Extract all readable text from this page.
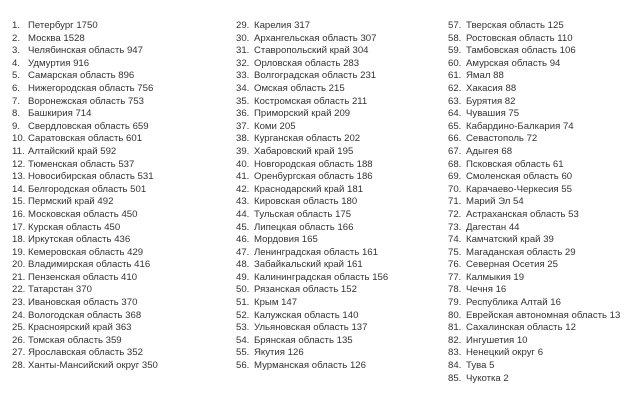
1. Петербург 1750
2. Москва 1528
3. Челябинская область 947
4. Удмуртия 916
5. Самарская область 896
6. Нижегородская область 756
7. Воронежская область 753
8. Башкирия 714
9. Свердловская область 659
10. Саратовская область 601
11. Алтайский край 592
12. Тюменская область 537
13. Новосибирская область 531
14. Белгородская область 501
15. Пермский край 492
16. Московская область 450
17. Курская область 450
18. Иркутская область 436
19. Кемеровская область 429
20. Владимирская область 416
21. Пензенская область 410
22. Татарстан 370
23. Ивановская область 370
24. Вологодская область 368
25. Красноярский край 363
26. Томская область 359
27. Ярославская область 352
28. Ханты-Мансийский округ 350
29. Карелия 317
30. Архангельская область 307
31. Ставропольский край 304
32. Орловская область 283
33. Волгоградская область 231
34. Омская область 215
35. Костромская область 211
36. Приморский край 209
37. Коми 205
38. Курганская область 202
39. Хабаровский край 195
40. Новгородская область 188
41. Оренбургская область 186
42. Краснодарский край 181
43. Кировская область 180
44. Тульская область 175
45. Липецкая область 166
46. Мордовия 165
47. Ленинградская область 161
48. Забайкальский край 161
49. Калининградская область 156
50. Рязанская область 152
51. Крым 147
52. Калужская область 140
53. Ульяновская область 137
54. Брянская область 135
55. Якутия 126
56. Мурманская область 126
57. Тверская область 125
58. Ростовская область 110
59. Тамбовская область 106
60. Амурская область 94
61. Ямал 88
62. Хакасия 88
63. Бурятия 82
64. Чувашия 75
65. Кабардино-Балкария 74
66. Севастополь 72
67. Адыгея 68
68. Псковская область 61
69. Смоленская область 60
70. Карачаево-Черкесия 55
71. Марий Эл 54
72. Астраханская область 53
73. Дагестан 44
74. Камчатский край 39
75. Магаданская область 29
76. Северная Осетия 25
77. Калмыкия 19
78. Чечня 16
79. Республика Алтай 16
80. Еврейская автономная область 13
81. Сахалинская область 12
82. Ингушетия 10
83. Ненецкий округ 6
84. Тува 5
85. Чукотка 2
